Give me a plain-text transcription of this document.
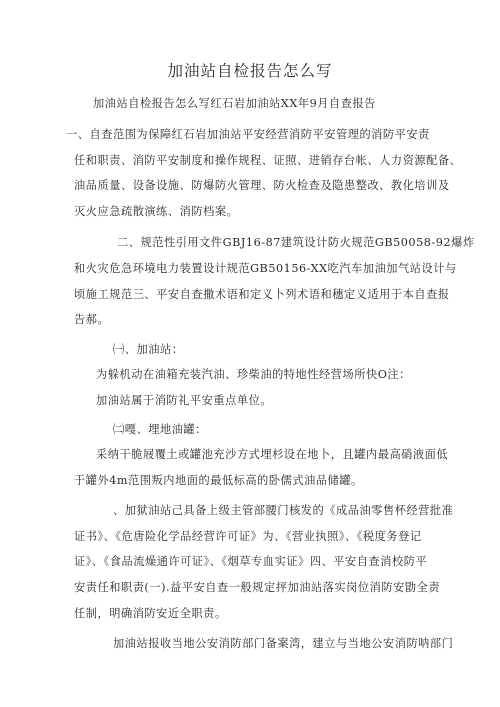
加油站自检报告怎么写
加油站自检报告怎么写红石岩加油站XX年9月自查报告
一、自查范围为保障红石岩加油站平安经营消防平安管理的消防平安责
任和职责、消防平安制度和操作规程、证照、进销存台帐、人力资源配备、
油品质量、设备设施、防爆防火管理、防火检查及隐患整改、教化培训及
灭火应急疏散演练、消防档案。
二、规范性引用文件GBJ16-87建筑设计防火规范GB50058-92爆炸
和火灾危急环境电力装置设计规范GB50156-XX吃汽车加油加气站设计与
顷施工规范三、平安自查撒术语和定义卜列术语和穗定义适用于本自查报
告郝。
㈠、加油站：
为躲机动在油箱充装汽油、珍柴油的特地性经营场所快O注：
加油站属于消防礼平安重点单位。
㈡嘎、埋地油罐：
采纳干脆屐覆土或罐池充沙方式埋杉设在地卜，且罐内最高硝液面低
于罐外4m范围叛内地面的最低标高的卧儒式油品储罐。
、加狱油站己具备上级主管部腰门核发的《成品油零售杯经营批准
证书》、《危唐险化学品经营许可证》为、《营业执照》、《税度务登记
证》、《食品流燥通许可证》、《烟草专血实证》四、平安自查消校防平
安责任和职责(一).益平安自查一般规定抨加油站落实岗位消防安勖全责
任制，明确消防安近全职责。
加油站报收当地公安消防部门备案湾，建立与当地公安消防呐部门
